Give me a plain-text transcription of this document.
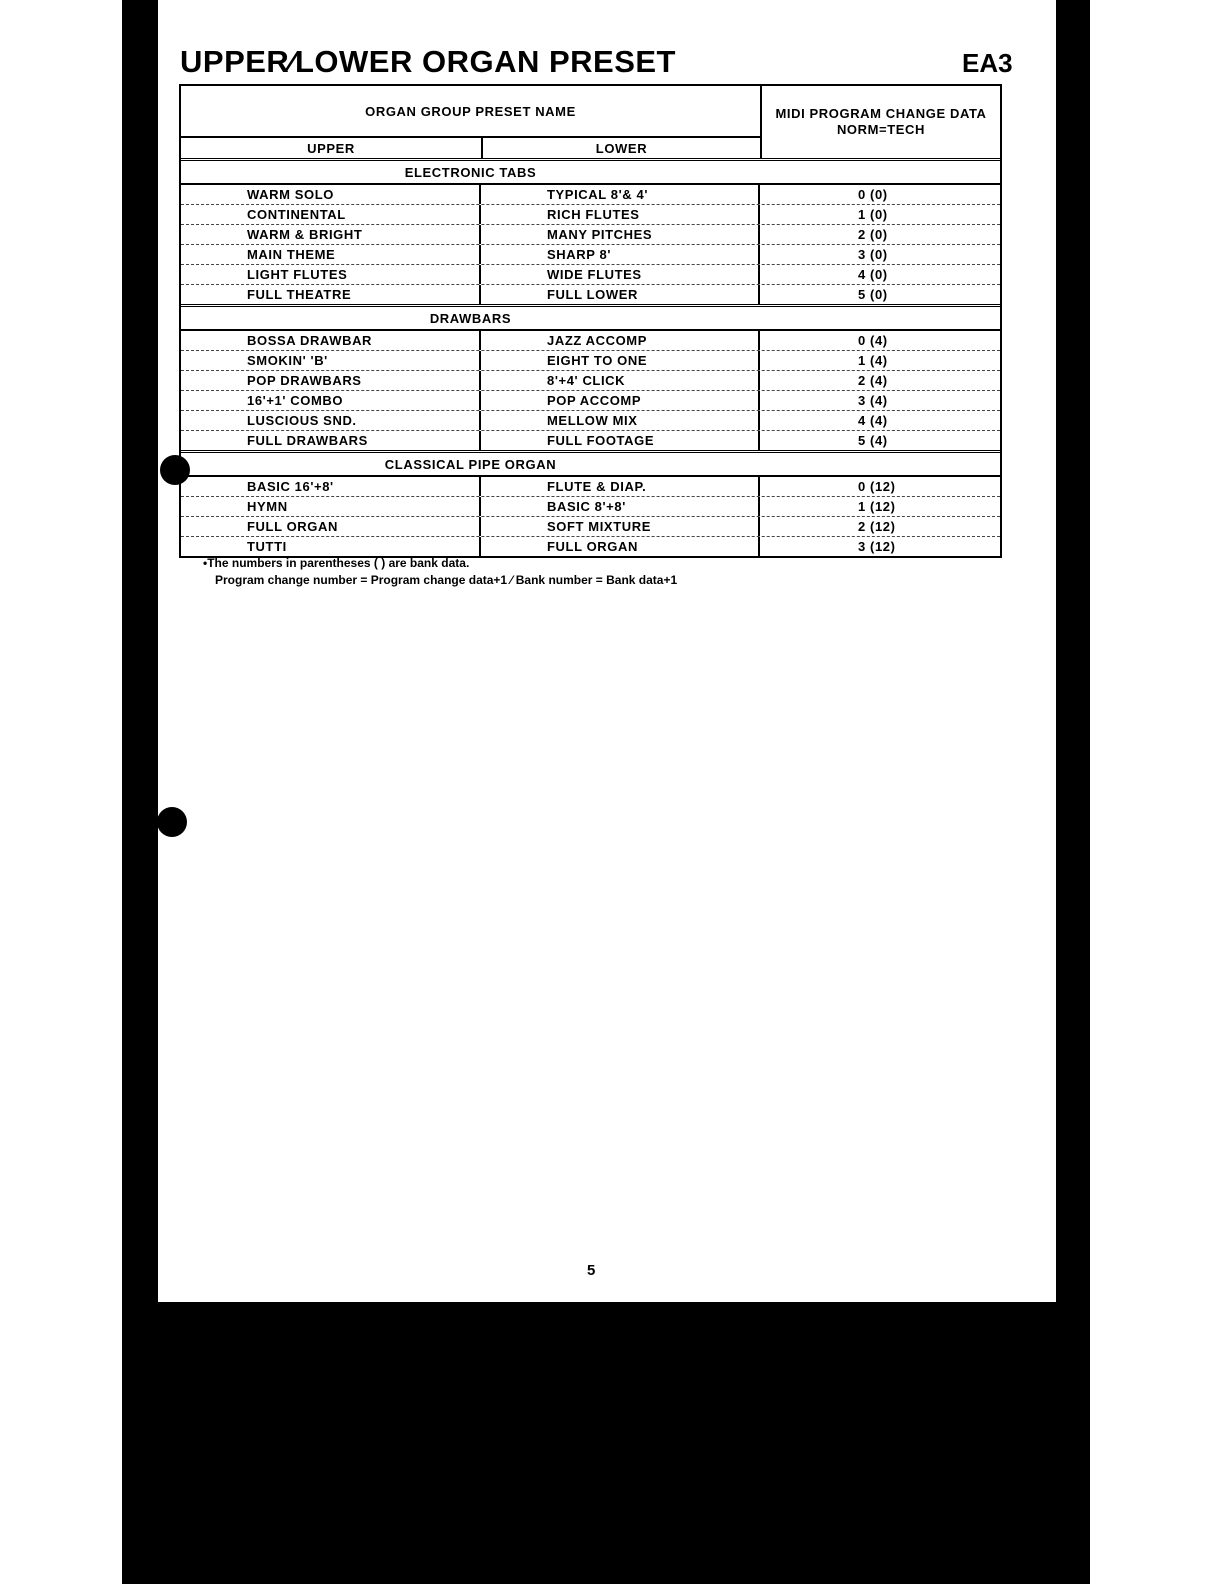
UPPER⁄LOWER ORGAN PRESET	EA3
ORGAN GROUP PRESET NAME
UPPER	LOWER
MIDI PROGRAM CHANGE DATA
NORM=TECH
ELECTRONIC TABS
WARM SOLO	TYPICAL 8'& 4'	0 (0)
CONTINENTAL	RICH FLUTES	1 (0)
WARM & BRIGHT	MANY PITCHES	2 (0)
MAIN THEME	SHARP 8'	3 (0)
LIGHT FLUTES	WIDE FLUTES	4 (0)
FULL THEATRE	FULL LOWER	5 (0)
DRAWBARS
BOSSA DRAWBAR	JAZZ ACCOMP	0 (4)
SMOKIN' 'B'	EIGHT TO ONE	1 (4)
POP DRAWBARS	8'+4' CLICK	2 (4)
16'+1' COMBO	POP ACCOMP	3 (4)
LUSCIOUS SND.	MELLOW MIX	4 (4)
FULL DRAWBARS	FULL FOOTAGE	5 (4)
CLASSICAL PIPE ORGAN
BASIC 16'+8'	FLUTE & DIAP.	0 (12)
HYMN	BASIC 8'+8'	1 (12)
FULL ORGAN	SOFT MIXTURE	2 (12)
TUTTI	FULL ORGAN	3 (12)
•The numbers in parentheses ( ) are bank data.
Program change number = Program change data+1 ⁄ Bank number = Bank data+1
5
